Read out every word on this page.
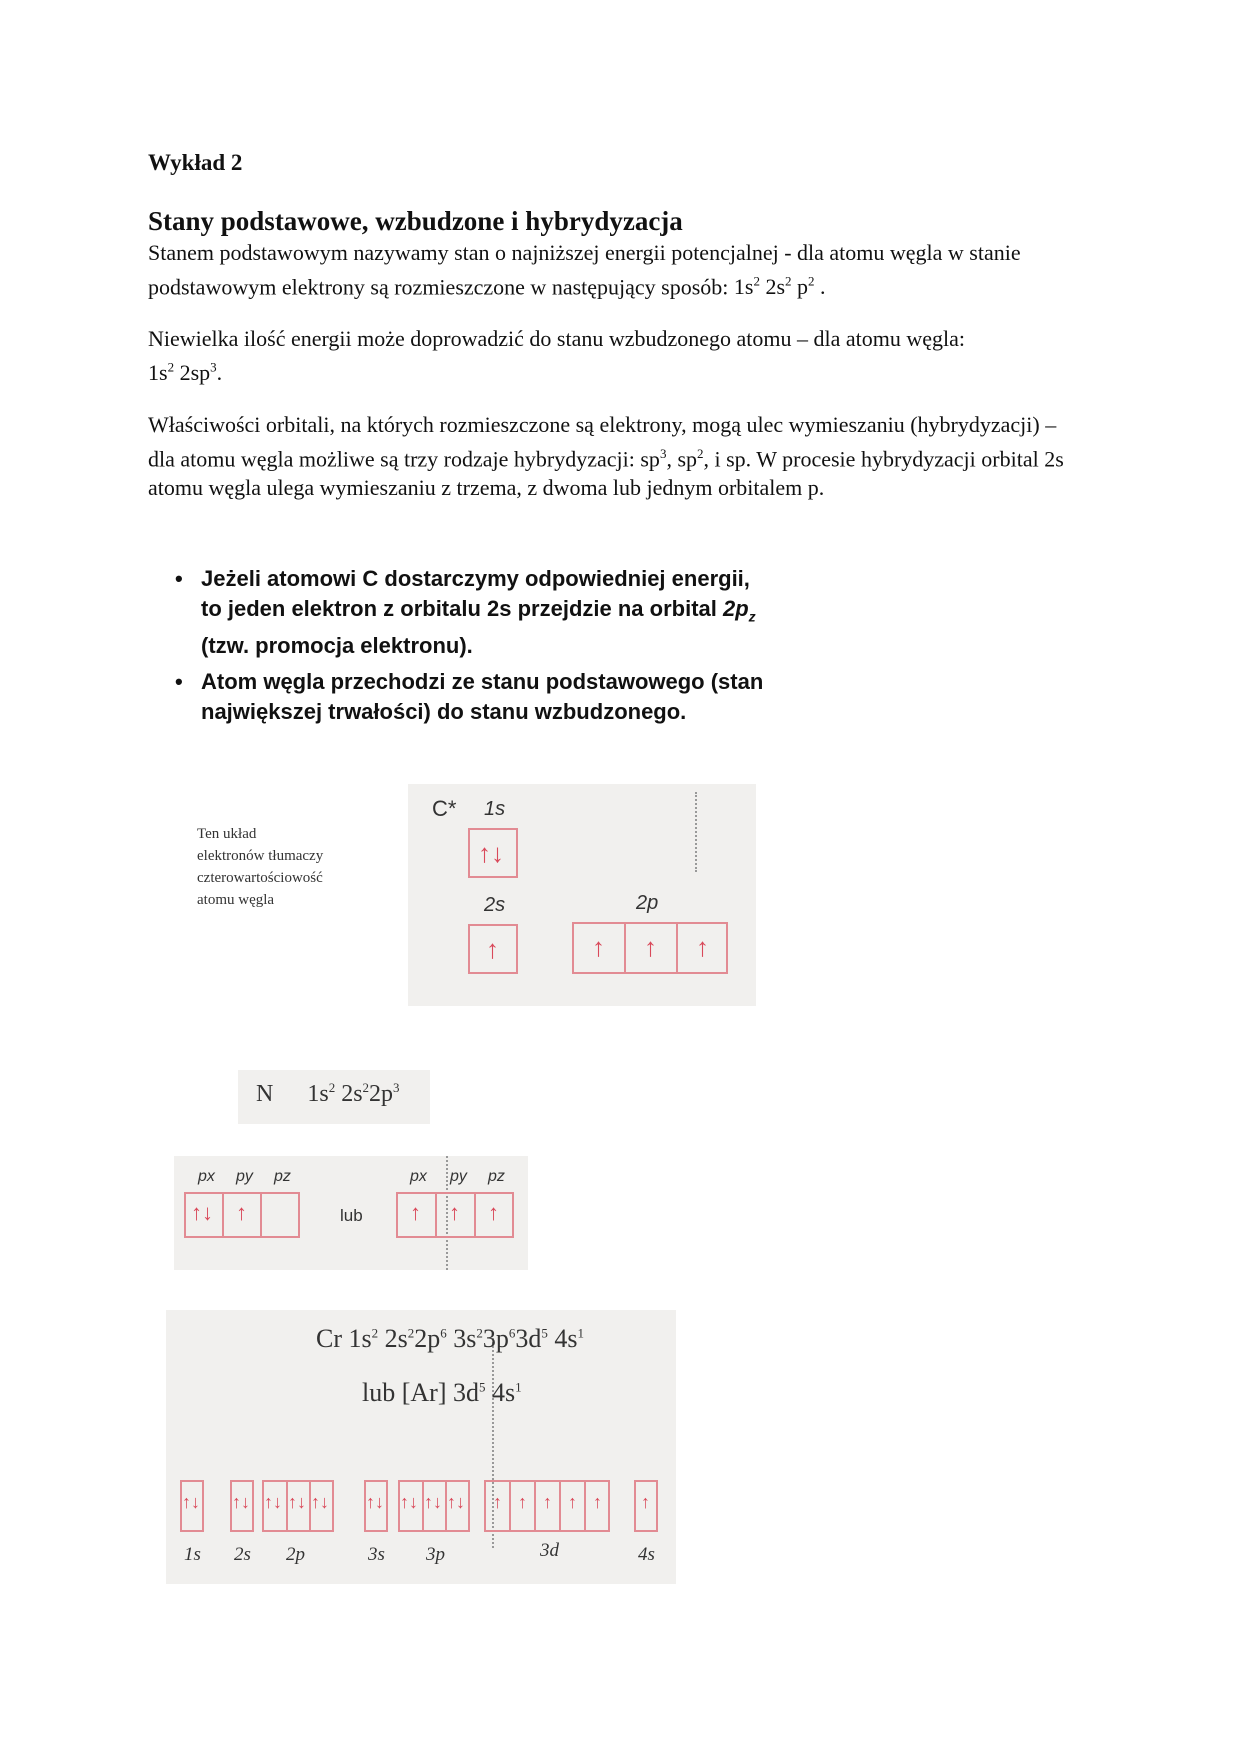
Wykład 2
Stany podstawowe, wzbudzone i hybrydyzacja

Stanem podstawowym nazywamy stan o najniższej energii potencjalnej - dla atomu węgla w stanie podstawowym elektrony są rozmieszczone w następujący sposób: $1s^2$ $2s^2$ $p^2$ .

Niewielka ilość energii może doprowadzić do stanu wzbudzonego atomu – dla atomu węgla:
$1s^2$ $2sp^3$.

Właściwości orbitali, na których rozmieszczone są elektrony, mogą ulec wymieszaniu (hybrydyzacji) – dla atomu węgla możliwe są trzy rodzaje hybrydyzacji: $sp^3$, $sp^2$, i sp. W procesie hybrydyzacji orbital 2s atomu węgla ulega wymieszaniu z trzema, z dwoma lub jednym orbitalem p.

• Jeżeli atomowi C dostarczymy odpowiedniej energii, to jeden elektron z orbitalu 2s przejdzie na orbital $2p_z$ (tzw. promocja elektronu).
• Atom węgla przechodzi ze stanu podstawowego (stan największej trwałości) do stanu wzbudzonego.
Ten układ
elektronów tłumaczy
czterowartościowość
atomu węgla
C* 1s
↑↓
2s
↑
2p
↑ ↑ ↑
N $1s^2$ $2s^22p^3$
px py pz
↑↓ ↑	lub
px py pz
↑ ↑ ↑
Cr $1s^2$ $2s^22p^6$ $3s^23p^63d^5$ $4s^1$
lub [Ar] $3d^5$ $4s^1$
↑↓ ↑↓ ↑↓ ↑↓ ↑↓ ↑↓ ↑↓ ↑↓ ↑↓ ↑ ↑ ↑ ↑ ↑ ↑
1s 2s 2p	3s 3p	3d	4s
